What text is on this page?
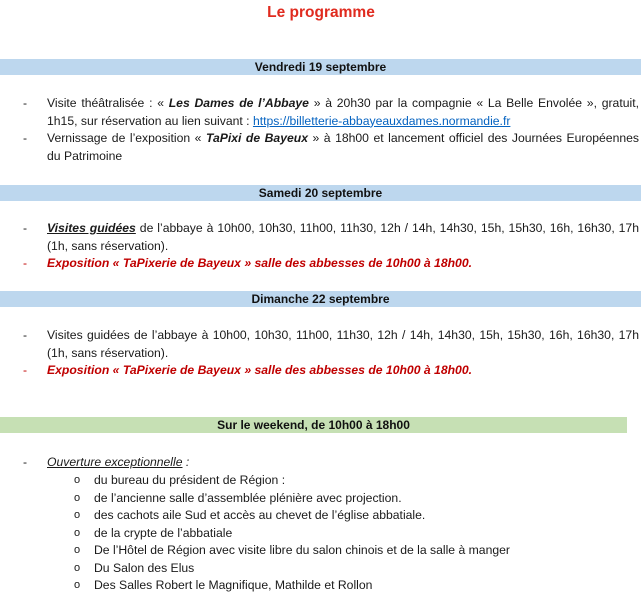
Le programme
Vendredi 19 septembre
- Visite théâtralisée : « Les Dames de l’Abbaye » à 20h30 par la compagnie « La Belle Envolée », gratuit, 1h15, sur réservation au lien suivant : https://billetterie-abbayeauxdames.normandie.fr
- Vernissage de l’exposition « TaPixi de Bayeux » à 18h00 et lancement officiel des Journées Européennes du Patrimoine
Samedi 20 septembre
- Visites guidées de l’abbaye à 10h00, 10h30, 11h00, 11h30, 12h / 14h, 14h30, 15h, 15h30, 16h, 16h30, 17h (1h, sans réservation).
- Exposition « TaPixerie de Bayeux » salle des abbesses de 10h00 à 18h00.
Dimanche 22 septembre
- Visites guidées de l’abbaye à 10h00, 10h30, 11h00, 11h30, 12h / 14h, 14h30, 15h, 15h30, 16h, 16h30, 17h (1h, sans réservation).
- Exposition « TaPixerie de Bayeux » salle des abbesses de 10h00 à 18h00.
Sur le weekend, de 10h00 à 18h00
- Ouverture exceptionnelle :
o du bureau du président de Région :
o de l’ancienne salle d’assemblée plénière avec projection.
o des cachots aile Sud et accès au chevet de l’église abbatiale.
o de la crypte de l’abbatiale
o De l’Hôtel de Région avec visite libre du salon chinois et de la salle à manger
o Du Salon des Elus
o Des Salles Robert le Magnifique, Mathilde et Rollon
